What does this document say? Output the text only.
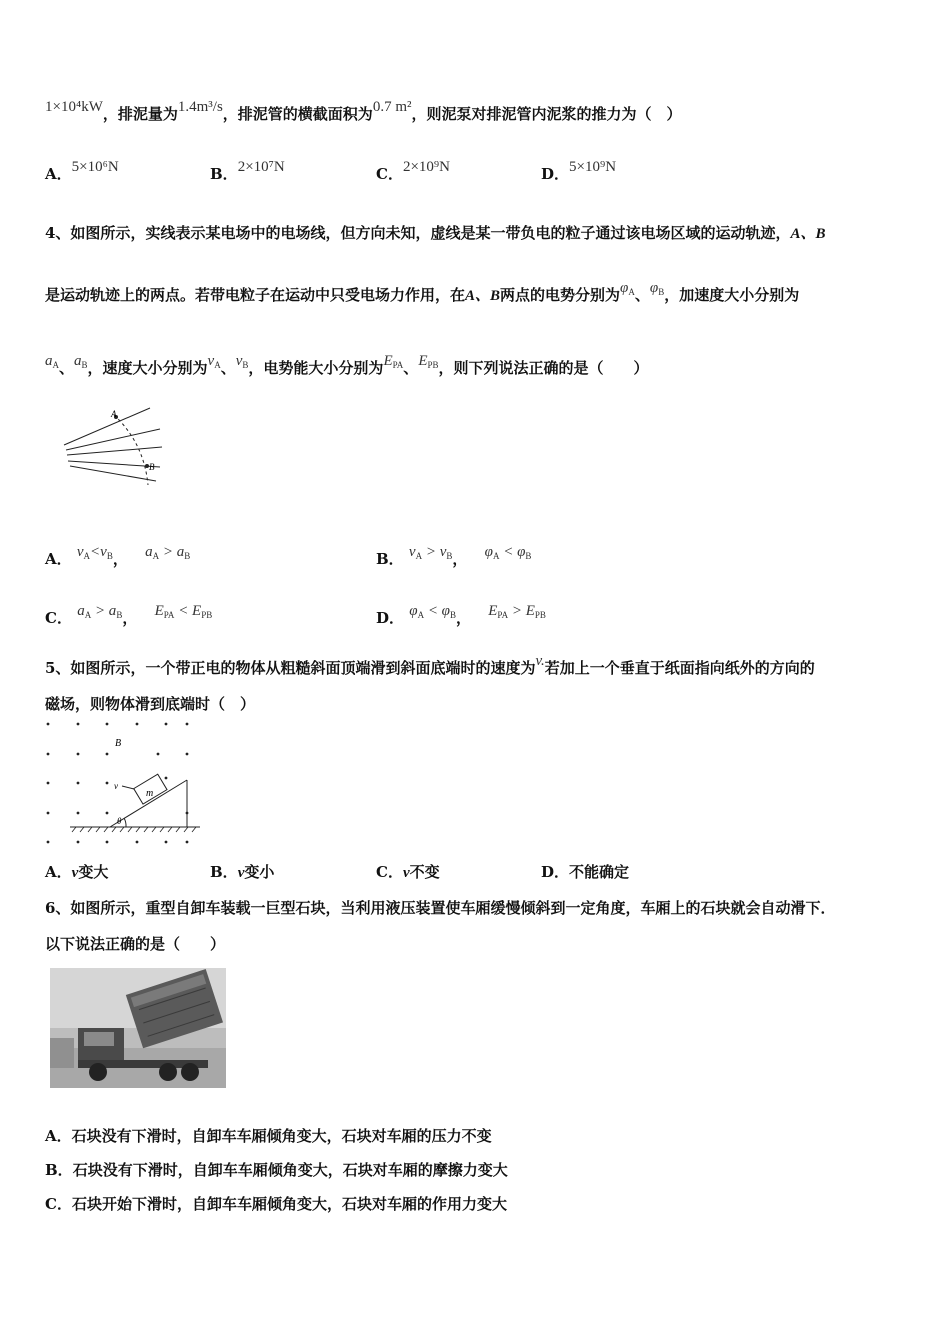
1×10⁴kW，排泥量为1.4m³/s，排泥管的横截面积为0.7 m²，则泥泵对排泥管内泥浆的推力为（　）
A．5×10⁶N	B．2×10⁷N	C．2×10⁹N	D．5×10⁹N
4、如图所示，实线表示某电场中的电场线，但方向未知，虚线是某一带负电的粒子通过该电场区域的运动轨迹，A、B
是运动轨迹上的两点。若带电粒子在运动中只受电场力作用，在A、B两点的电势分别为$\varphi_A$、$\varphi_B$，加速度大小分别为
$a_A$、$a_B$，速度大小分别为$v_A$、$v_B$，电势能大小分别为$E_{PA}$、$E_{PB}$，则下列说法正确的是（　　）
A
B
A． $v_A<v_B$， $a_A > a_B$	B． $v_A > v_B$， $\varphi_A < \varphi_B$
C． $a_A > a_B$， $E_{PA} < E_{PB}$	D． $\varphi_A < \varphi_B$， $E_{PA} > E_{PB}$
5、如图所示，一个带正电的物体从粗糙斜面顶端滑到斜面底端时的速度为v.若加上一个垂直于纸面指向纸外的方向的
磁场，则物体滑到底端时（　）
B
v
m
θ
A．v变大	B．v变小	C．v不变	D．不能确定
6、如图所示，重型自卸车装载一巨型石块，当利用液压装置使车厢缓慢倾斜到一定角度，车厢上的石块就会自动滑下．
以下说法正确的是（　　）
A．石块没有下滑时，自卸车车厢倾角变大，石块对车厢的压力不变
B．石块没有下滑时，自卸车车厢倾角变大，石块对车厢的摩擦力变大
C．石块开始下滑时，自卸车车厢倾角变大，石块对车厢的作用力变大
